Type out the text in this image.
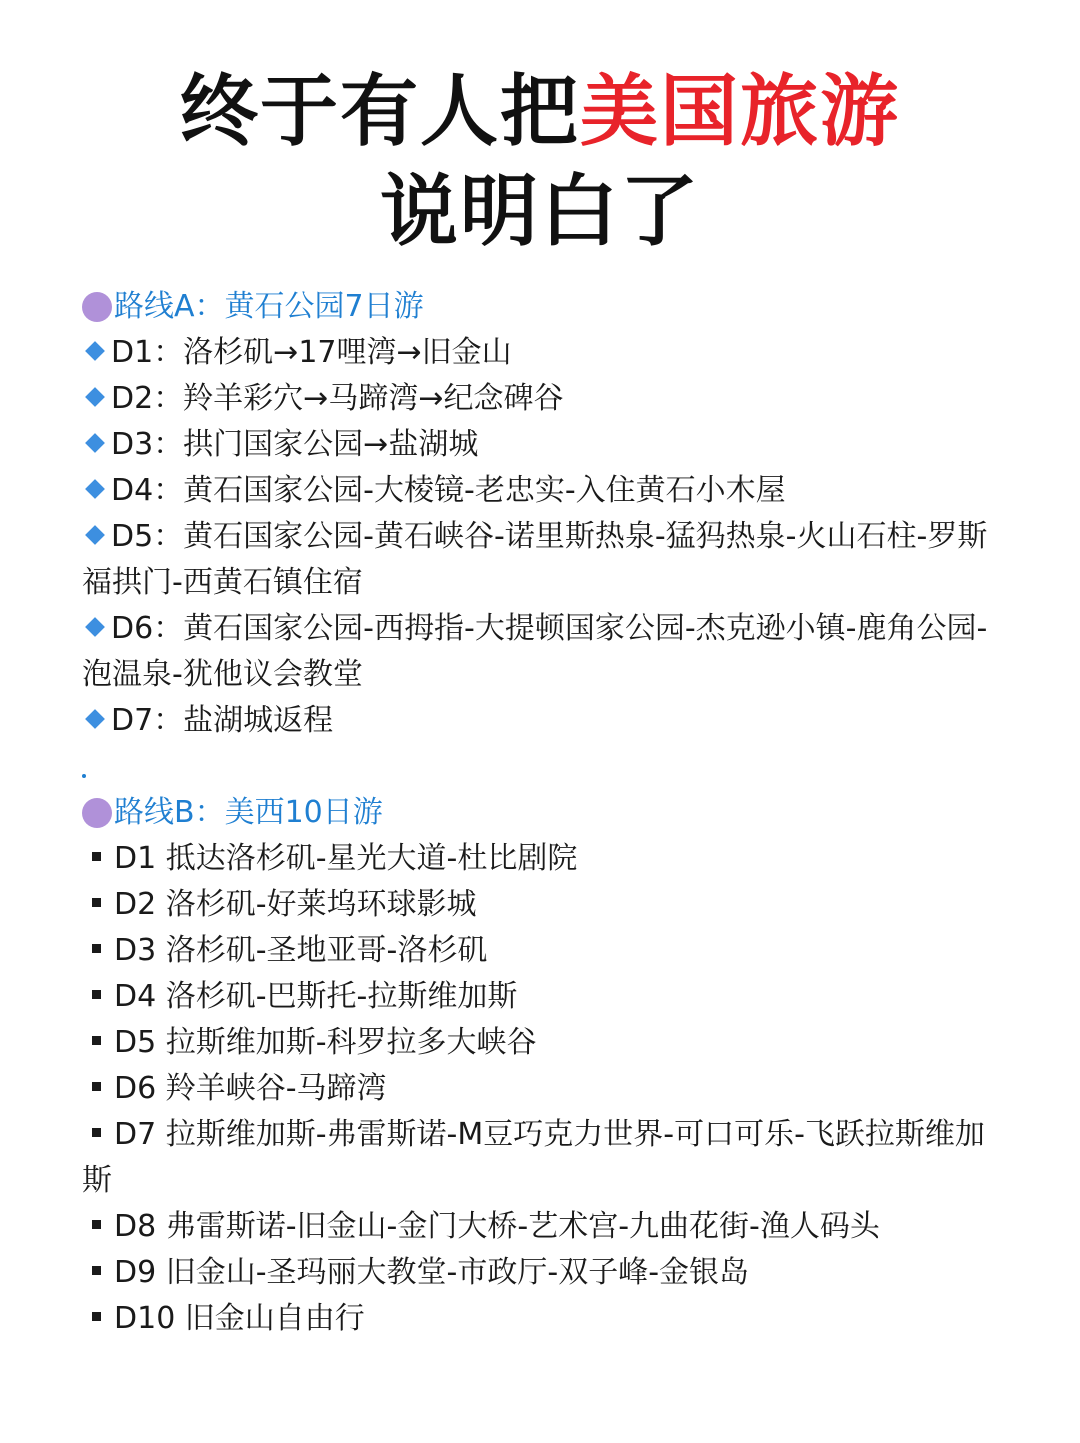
终于有人把美国旅游
说明白了
路线A：黄石公园7日游
D1：洛杉矶→17哩湾→旧金山
D2：羚羊彩穴→马蹄湾→纪念碑谷
D3：拱门国家公园→盐湖城
D4：黄石国家公园-大棱镜-老忠实-入住黄石小木屋
D5：黄石国家公园-黄石峡谷-诺里斯热泉-猛犸热泉-火山石柱-罗斯福拱门-西黄石镇住宿
D6：黄石国家公园-西拇指-大提顿国家公园-杰克逊小镇-鹿角公园-泡温泉-犹他议会教堂
D7：盐湖城返程
路线B：美西10日游
D1 抵达洛杉矶-星光大道-杜比剧院
D2 洛杉矶-好莱坞环球影城
D3 洛杉矶-圣地亚哥-洛杉矶
D4 洛杉矶-巴斯托-拉斯维加斯
D5 拉斯维加斯-科罗拉多大峡谷
D6 羚羊峡谷-马蹄湾
D7 拉斯维加斯-弗雷斯诺-M豆巧克力世界-可口可乐-飞跃拉斯维加斯
D8 弗雷斯诺-旧金山-金门大桥-艺术宫-九曲花街-渔人码头
D9 旧金山-圣玛丽大教堂-市政厅-双子峰-金银岛
D10 旧金山自由行
